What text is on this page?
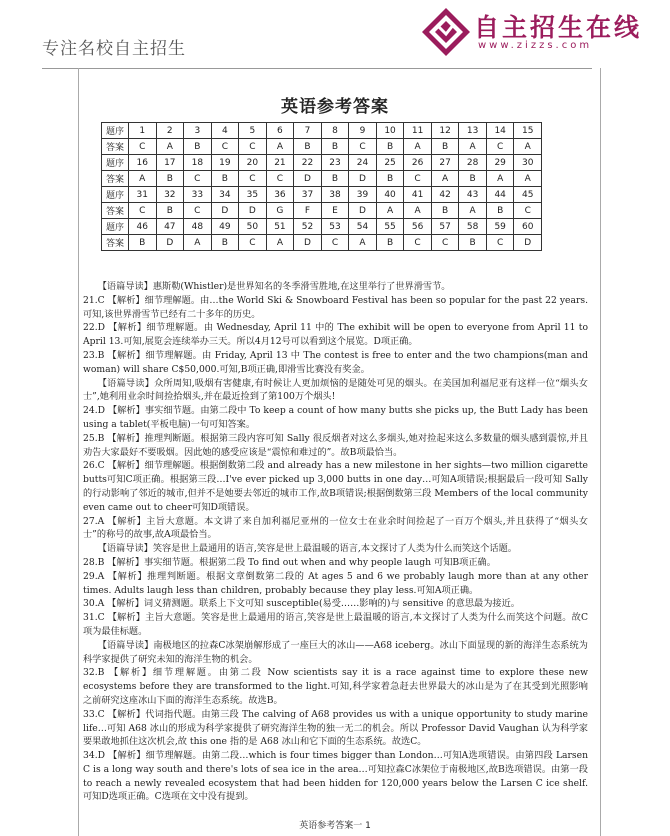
专注名校自主招生
自主招生在线
www.zizzs.com
英语参考答案
题序	1	2	3	4	5	6	7	8	9	10	11	12	13	14	15
答案	C	A	B	C	C	A	B	B	C	B	A	B	A	C	A
题序	16	17	18	19	20	21	22	23	24	25	26	27	28	29	30
答案	A	B	C	B	C	C	D	B	D	B	C	A	B	A	A
题序	31	32	33	34	35	36	37	38	39	40	41	42	43	44	45
答案	C	B	C	D	D	G	F	E	D	A	A	B	A	B	C
题序	46	47	48	49	50	51	52	53	54	55	56	57	58	59	60
答案	B	D	A	B	C	A	D	C	A	B	C	C	B	C	D

【语篇导读】惠斯勒(Whistler)是世界知名的冬季滑雪胜地,在这里举行了世界滑雪节。

21.C 【解析】细节理解题。由…the World Ski & Snowboard Festival has been so popular for the past 22 years.可知,该世界滑雪节已经有二十多年的历史。

22.D 【解析】细节理解题。由 Wednesday, April 11 中的 The exhibit will be open to everyone from April 11 to April 13.可知,展览会连续举办三天。所以4月12号可以看到这个展览。D项正确。

23.B 【解析】细节理解题。由 Friday, April 13 中 The contest is free to enter and the two champions(man and woman) will share C$50,000.可知,B项正确,即滑雪比赛没有奖金。

【语篇导读】众所周知,吸烟有害健康,有时候让人更加烦恼的是随处可见的烟头。在美国加利福尼亚有这样一位“烟头女士”,她利用业余时间捡拾烟头,并在最近捡到了第100万个烟头!

24.D 【解析】事实细节题。由第二段中 To keep a count of how many butts she picks up, the Butt Lady has been using a tablet(平板电脑)一句可知答案。

25.B 【解析】推理判断题。根据第三段内容可知 Sally 很反烟者对这么多烟头,她对捡起来这么多数量的烟头感到震惊,并且劝告大家最好不要吸烟。因此她的感受应该是“震惊和难过的”。故B项最恰当。

26.C 【解析】细节理解题。根据倒数第二段 and already has a new milestone in her sights—two million cigarette butts可知C项正确。根据第三段…I've ever picked up 3,000 butts in one day…可知A项错误;根据最后一段可知 Sally 的行动影响了邻近的城市,但并不是她要去邻近的城市工作,故B项错误;根据倒数第三段 Members of the local community even came out to cheer可知D项错误。

27.A 【解析】主旨大意题。本文讲了来自加利福尼亚州的一位女士在业余时间捡起了一百万个烟头,并且获得了“烟头女士”的称号的故事,故A项最恰当。

【语篇导读】笑容是世上最通用的语言,笑容是世上最温暖的语言,本文探讨了人类为什么而笑这个话题。

28.B 【解析】事实细节题。根据第二段 To find out when and why people laugh 可知B项正确。

29.A 【解析】推理判断题。根据文章倒数第二段的 At ages 5 and 6 we probably laugh more than at any other times. Adults laugh less than children, probably because they play less.可知A项正确。

30.A 【解析】词义猜测题。联系上下文可知 susceptible(易受……影响的)与 sensitive 的意思最为接近。

31.C 【解析】主旨大意题。笑容是世上最通用的语言,笑容是世上最温暖的语言,本文探讨了人类为什么而笑这个问题。故C项为最佳标题。

【语篇导读】南极地区的拉森C冰架崩解形成了一座巨大的冰山——A68 iceberg。冰山下面显现的新的海洋生态系统为科学家提供了研究未知的海洋生物的机会。

32.B 【解析】细节理解题。由第二段 Now scientists say it is a race against time to explore these new ecosystems before they are transformed to the light.可知,科学家着急赶去世界最大的冰山是为了在其受到光照影响之前研究这座冰山下面的海洋生态系统。故选B。

33.C 【解析】代词指代题。由第三段 The calving of A68 provides us with a unique opportunity to study marine life…可知 A68 冰山的形成为科学家提供了研究海洋生物的独一无二的机会。所以 Professor David Vaughan 认为科学家要果敢地抓住这次机会,故 this one 指的是 A68 冰山和它下面的生态系统。故选C。

34.D 【解析】细节理解题。由第二段…which is four times bigger than London…可知A选项错误。由第四段 Larsen C is a long way south and there's lots of sea ice in the area…可知拉森C冰架位于南极地区,故B选项错误。由第一段 to reach a newly revealed ecosystem that had been hidden for 120,000 years below the Larsen C ice shelf.可知D选项正确。C选项在文中没有提到。

英语参考答案一 1
